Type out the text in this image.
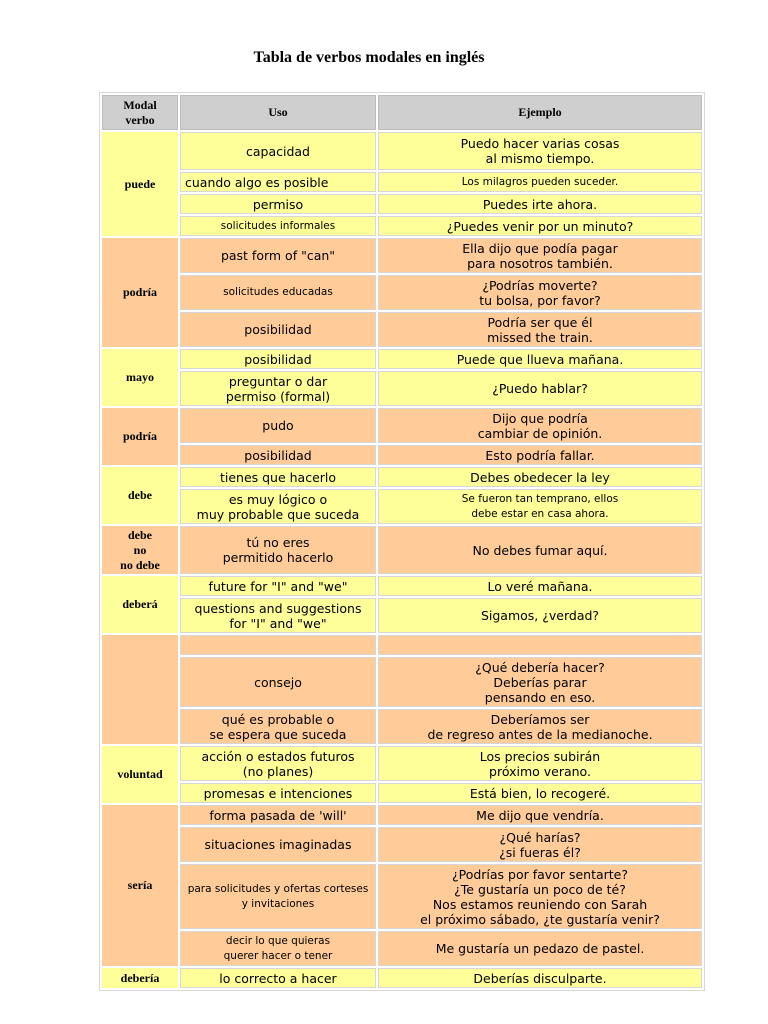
Tabla de verbos modales en inglés
Modal
verbo	Uso	Ejemplo
puede	capacidad	Puedo hacer varias cosas
al mismo tiempo.
	cuando algo es posible	Los milagros pueden suceder.
	permiso	Puedes irte ahora.
	solicitudes informales	¿Puedes venir por un minuto?
podría	past form of "can"	Ella dijo que podía pagar
para nosotros también.
	solicitudes educadas	¿Podrías moverte?
tu bolsa, por favor?
	posibilidad	Podría ser que él
missed the train.
mayo	posibilidad	Puede que llueva mañana.
	preguntar o dar
permiso (formal)	¿Puedo hablar?
podría	pudo	Dijo que podría
cambiar de opinión.
	posibilidad	Esto podría fallar.
debe	tienes que hacerlo	Debes obedecer la ley
	es muy lógico o
muy probable que suceda	Se fueron tan temprano, ellos
debe estar en casa ahora.
debe
no
no debe	tú no eres
permitido hacerlo	No debes fumar aquí.
deberá	future for "I" and "we"	Lo veré mañana.
	questions and suggestions
for "I" and "we"	Sigamos, ¿verdad?

	consejo	¿Qué debería hacer?
Deberías parar
pensando en eso.
	qué es probable o
se espera que suceda	Deberíamos ser
de regreso antes de la medianoche.
voluntad	acción o estados futuros
(no planes)	Los precios subirán
próximo verano.
	promesas e intenciones	Está bien, lo recogeré.
sería	forma pasada de 'will'	Me dijo que vendría.
	situaciones imaginadas	¿Qué harías?
¿si fueras él?
	para solicitudes y ofertas corteses
y invitaciones	¿Podrías por favor sentarte?
¿Te gustaría un poco de té?
Nos estamos reuniendo con Sarah
el próximo sábado, ¿te gustaría venir?
	decir lo que quieras
querer hacer o tener	Me gustaría un pedazo de pastel.
debería	lo correcto a hacer	Deberías disculparte.
